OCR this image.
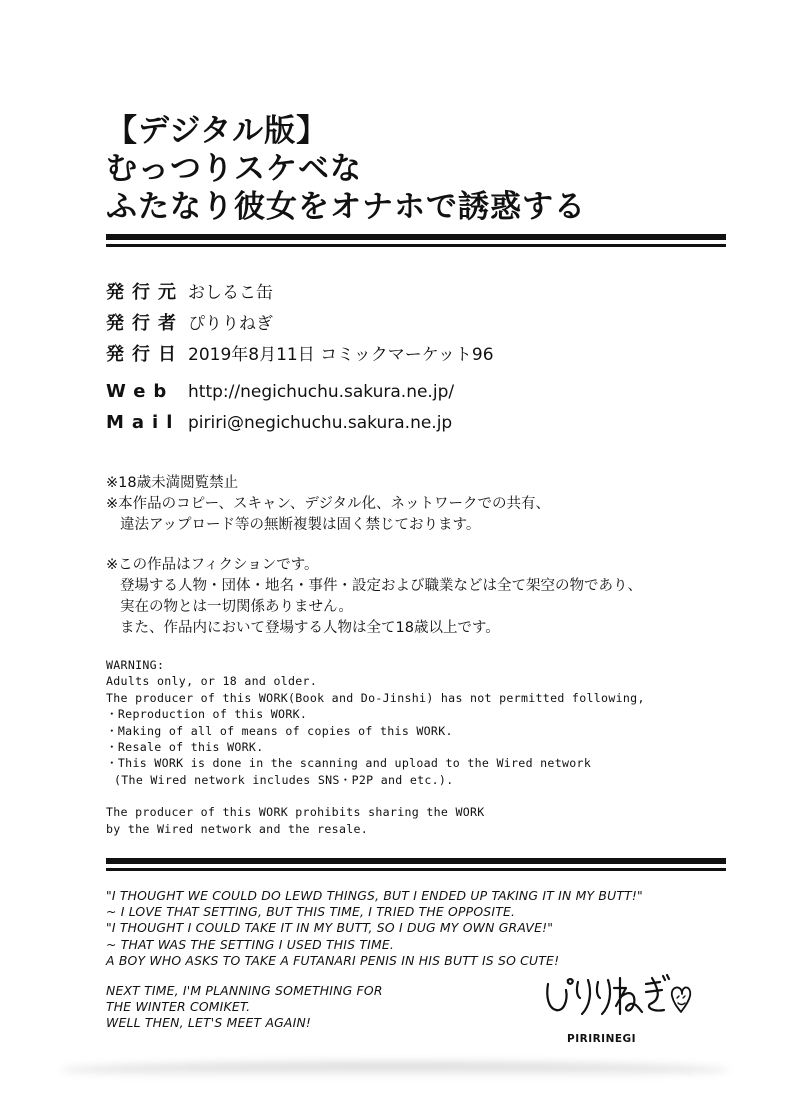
【デジタル版】
むっつりスケベな
ふたなり彼女をオナホで誘惑する
発行元 おしるこ缶
発行者 ぴりりねぎ
発行日 2019年8月11日 コミックマーケット96
Web http://negichuchu.sakura.ne.jp/
Mail piriri@negichuchu.sakura.ne.jp

※18歳未満閲覧禁止

※本作品のコピー、スキャン、デジタル化、ネットワークでの共有、

違法アップロード等の無断複製は固く禁じております。

※この作品はフィクションです。

登場する人物・団体・地名・事件・設定および職業などは全て架空の物であり、

実在の物とは一切関係ありません。

また、作品内において登場する人物は全て18歳以上です。

WARNING:

Adults only, or 18 and older.

The producer of this WORK(Book and Do-Jinshi) has not permitted following,

・Reproduction of this WORK.

・Making of all of means of copies of this WORK.

・Resale of this WORK.

・This WORK is done in the scanning and upload to the Wired network

(The Wired network includes SNS・P2P and etc.).

The producer of this WORK prohibits sharing the WORK

by the Wired network and the resale.

"I THOUGHT WE COULD DO LEWD THINGS, BUT I ENDED UP TAKING IT IN MY BUTT!"

~ I LOVE THAT SETTING, BUT THIS TIME, I TRIED THE OPPOSITE.

"I THOUGHT I COULD TAKE IT IN MY BUTT, SO I DUG MY OWN GRAVE!"

~ THAT WAS THE SETTING I USED THIS TIME.

A BOY WHO ASKS TO TAKE A FUTANARI PENIS IN HIS BUTT IS SO CUTE!

NEXT TIME, I'M PLANNING SOMETHING FOR

THE WINTER COMIKET.

WELL THEN, LET'S MEET AGAIN!

PIRIRINEGI
